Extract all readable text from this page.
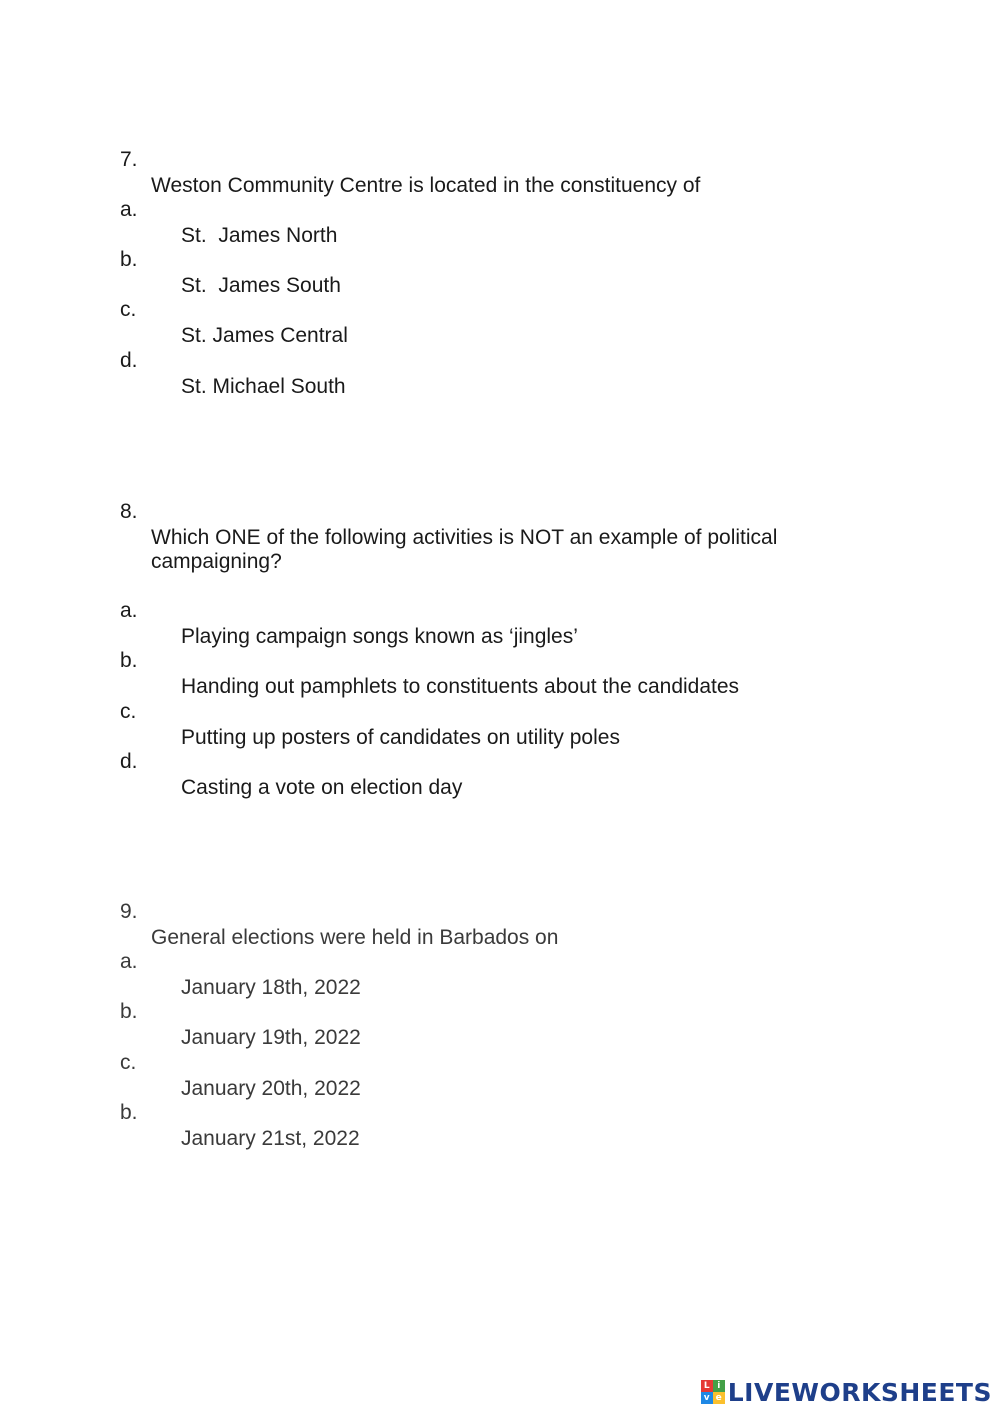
7.

Weston Community Centre is located in the constituency of

a.

St.  James North

b.

St.  James South

c.

St. James Central

d.

St. Michael South

8.

Which ONE of the following activities is NOT an example of political

campaigning?

a.

Playing campaign songs known as ‘jingles’

b.

Handing out pamphlets to constituents about the candidates

c.

Putting up posters of candidates on utility poles

d.

Casting a vote on election day

9.

General elections were held in Barbados on

a.

January 18th, 2022

b.

January 19th, 2022

c.

January 20th, 2022

b.

January 21st, 2022

L i
v e LIVEWORKSHEETS
